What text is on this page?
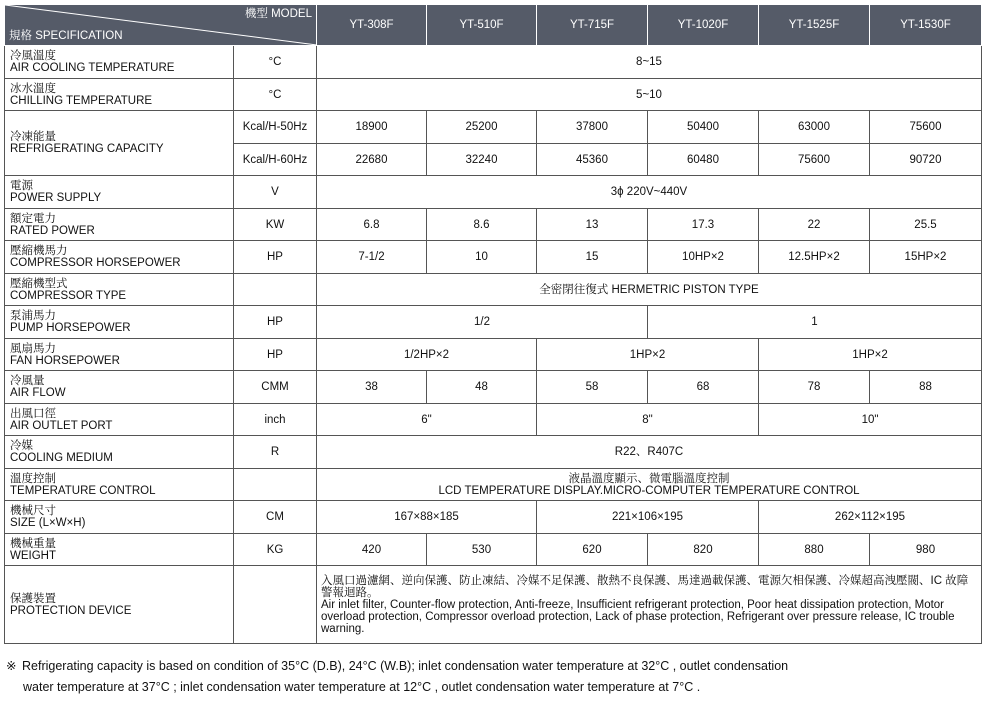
機型 MODEL
規格 SPECIFICATION		YT-308F	YT-510F	YT-715F	YT-1020F	YT-1525F	YT-1530F
冷風溫度
AIR COOLING TEMPERATURE	°C	8~15					
冰水溫度
CHILLING TEMPERATURE	°C	5~10					
冷凍能量
REFRIGERATING CAPACITY	Kcal/H-50Hz	18900	25200	37800	50400	63000	75600
	Kcal/H-60Hz	22680	32240	45360	60480	75600	90720
電源
POWER SUPPLY	V	3ϕ 220V~440V					
額定電力
RATED POWER	KW	6.8	8.6	13	17.3	22	25.5
壓縮機馬力
COMPRESSOR HORSEPOWER	HP	7-1/2	10	15	10HP×2	12.5HP×2	15HP×2
壓縮機型式
COMPRESSOR TYPE		全密閉往復式 HERMETRIC PISTON TYPE					
泵浦馬力
PUMP HORSEPOWER	HP	1/2			1		
風扇馬力
FAN HORSEPOWER	HP	1/2HP×2		1HP×2		1HP×2	
冷風量
AIR FLOW	CMM	38	48	58	68	78	88
出風口徑
AIR OUTLET PORT	inch	6"		8"		10"	
冷媒
COOLING MEDIUM	R	R22、R407C					
溫度控制
TEMPERATURE CONTROL		液晶溫度顯示、微電腦溫度控制
LCD TEMPERATURE DISPLAY.MICRO-COMPUTER TEMPERATURE CONTROL					
機械尺寸
SIZE (L×W×H)	CM	167×88×185		221×106×195		262×112×195	
機械重量
WEIGHT	KG	420	530	620	820	880	980
保護裝置
PROTECTION DEVICE		入風口過濾網、逆向保護、防止凍結、冷媒不足保護、散熱不良保護、馬達過載保護、電源欠相保護、冷媒超高洩壓閥、IC 故障警報迴路。
Air inlet filter, Counter-flow protection, Anti-freeze, Insufficient refrigerant protection, Poor heat dissipation protection, Motor overload protection, Compressor overload protection, Lack of phase protection, Refrigerant over pressure release, IC trouble warning.					
※ Refrigerating capacity is based on condition of 35°C (D.B), 24°C (W.B); inlet condensation water temperature at 32°C , outlet condensation
water temperature at 37°C ; inlet condensation water temperature at 12°C , outlet condensation water temperature at 7°C .
